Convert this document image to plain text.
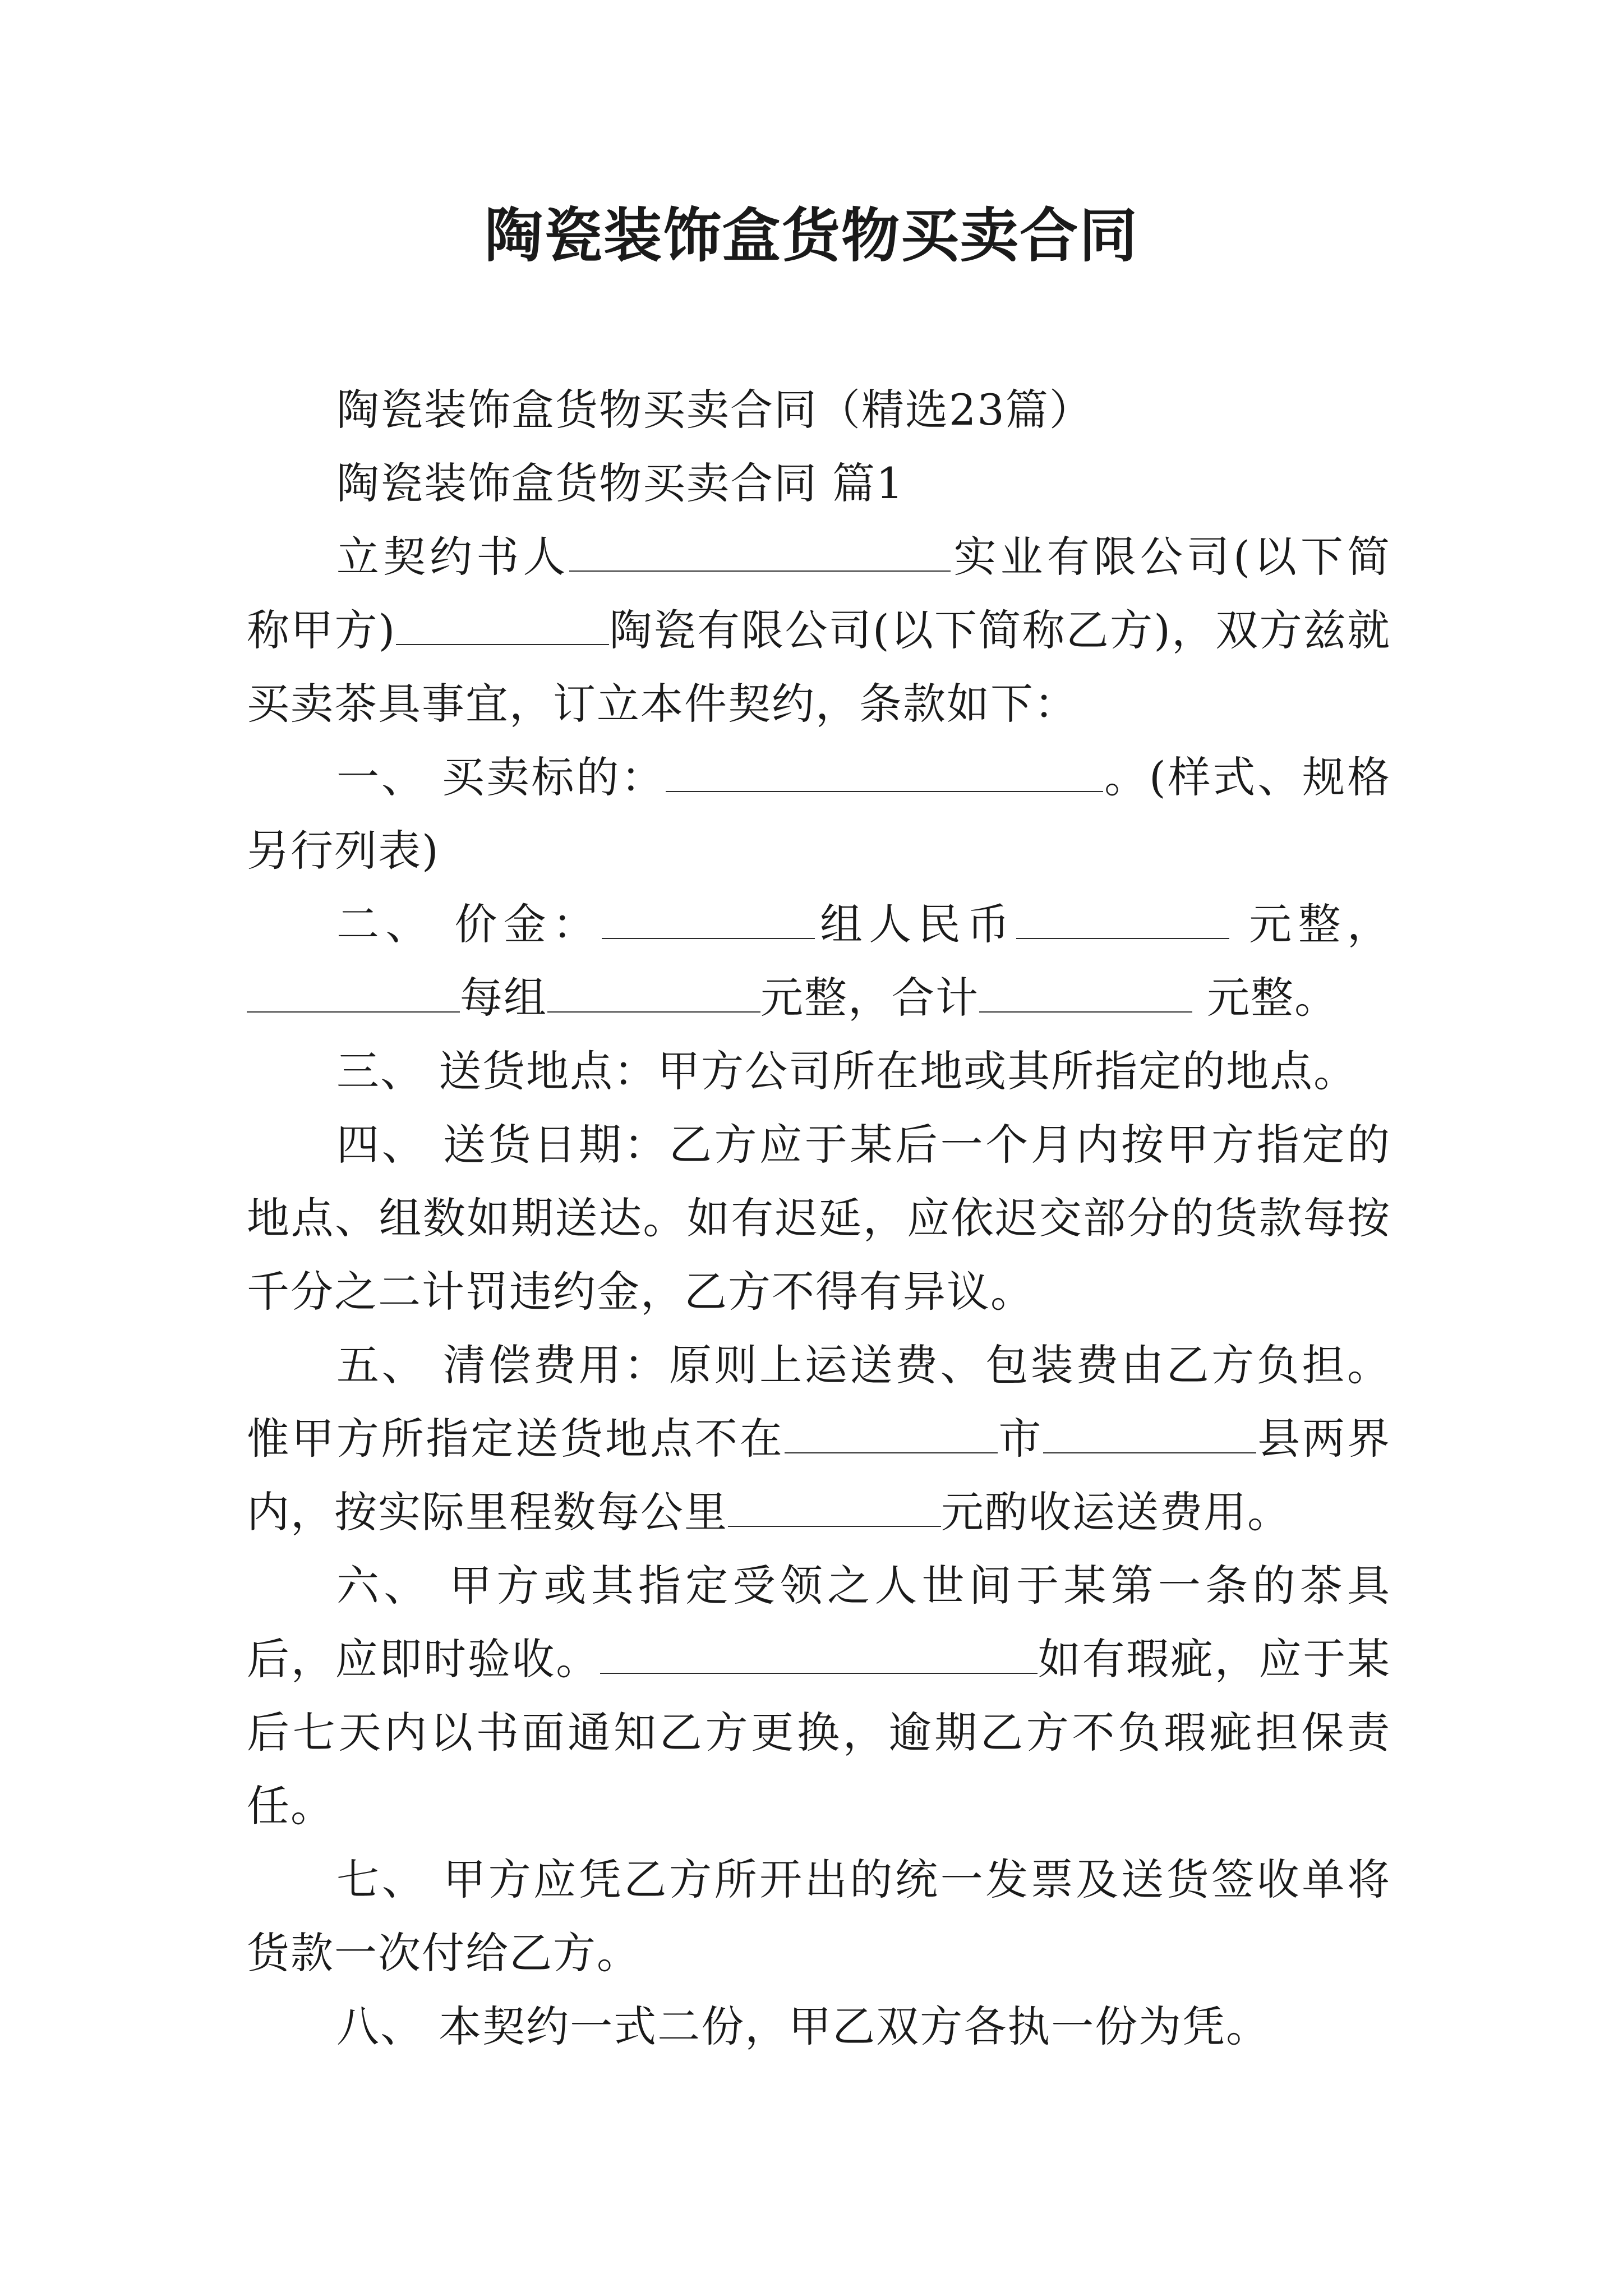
陶瓷装饰盒货物买卖合同

陶瓷装饰盒货物买卖合同（精选23篇）

陶瓷装饰盒货物买卖合同 篇1

立契约书人	实业有限公司(以下简称甲方)	陶瓷有限公司(以下简称乙方)，双方兹就买卖茶具事宜，订立本件契约，条款如下：

一、 买卖标的：	。(样式、规格另行列表)

二、 价金：	组人民币	元整，每组	元整，合计	元整。

三、 送货地点：甲方公司所在地或其所指定的地点。

四、 送货日期：乙方应于某后一个月内按甲方指定的地点、组数如期送达。如有迟延，应依迟交部分的货款每按千分之二计罚违约金，乙方不得有异议。

五、 清偿费用：原则上运送费、包装费由乙方负担。惟甲方所指定送货地点不在	市	县两界内，按实际里程数每公里	元酌收运送费用。

六、 甲方或其指定受领之人世间于某第一条的茶具后，应即时验收。	如有瑕疵，应于某后七天内以书面通知乙方更换，逾期乙方不负瑕疵担保责任。

七、 甲方应凭乙方所开出的统一发票及送货签收单将货款一次付给乙方。

八、 本契约一式二份，甲乙双方各执一份为凭。
